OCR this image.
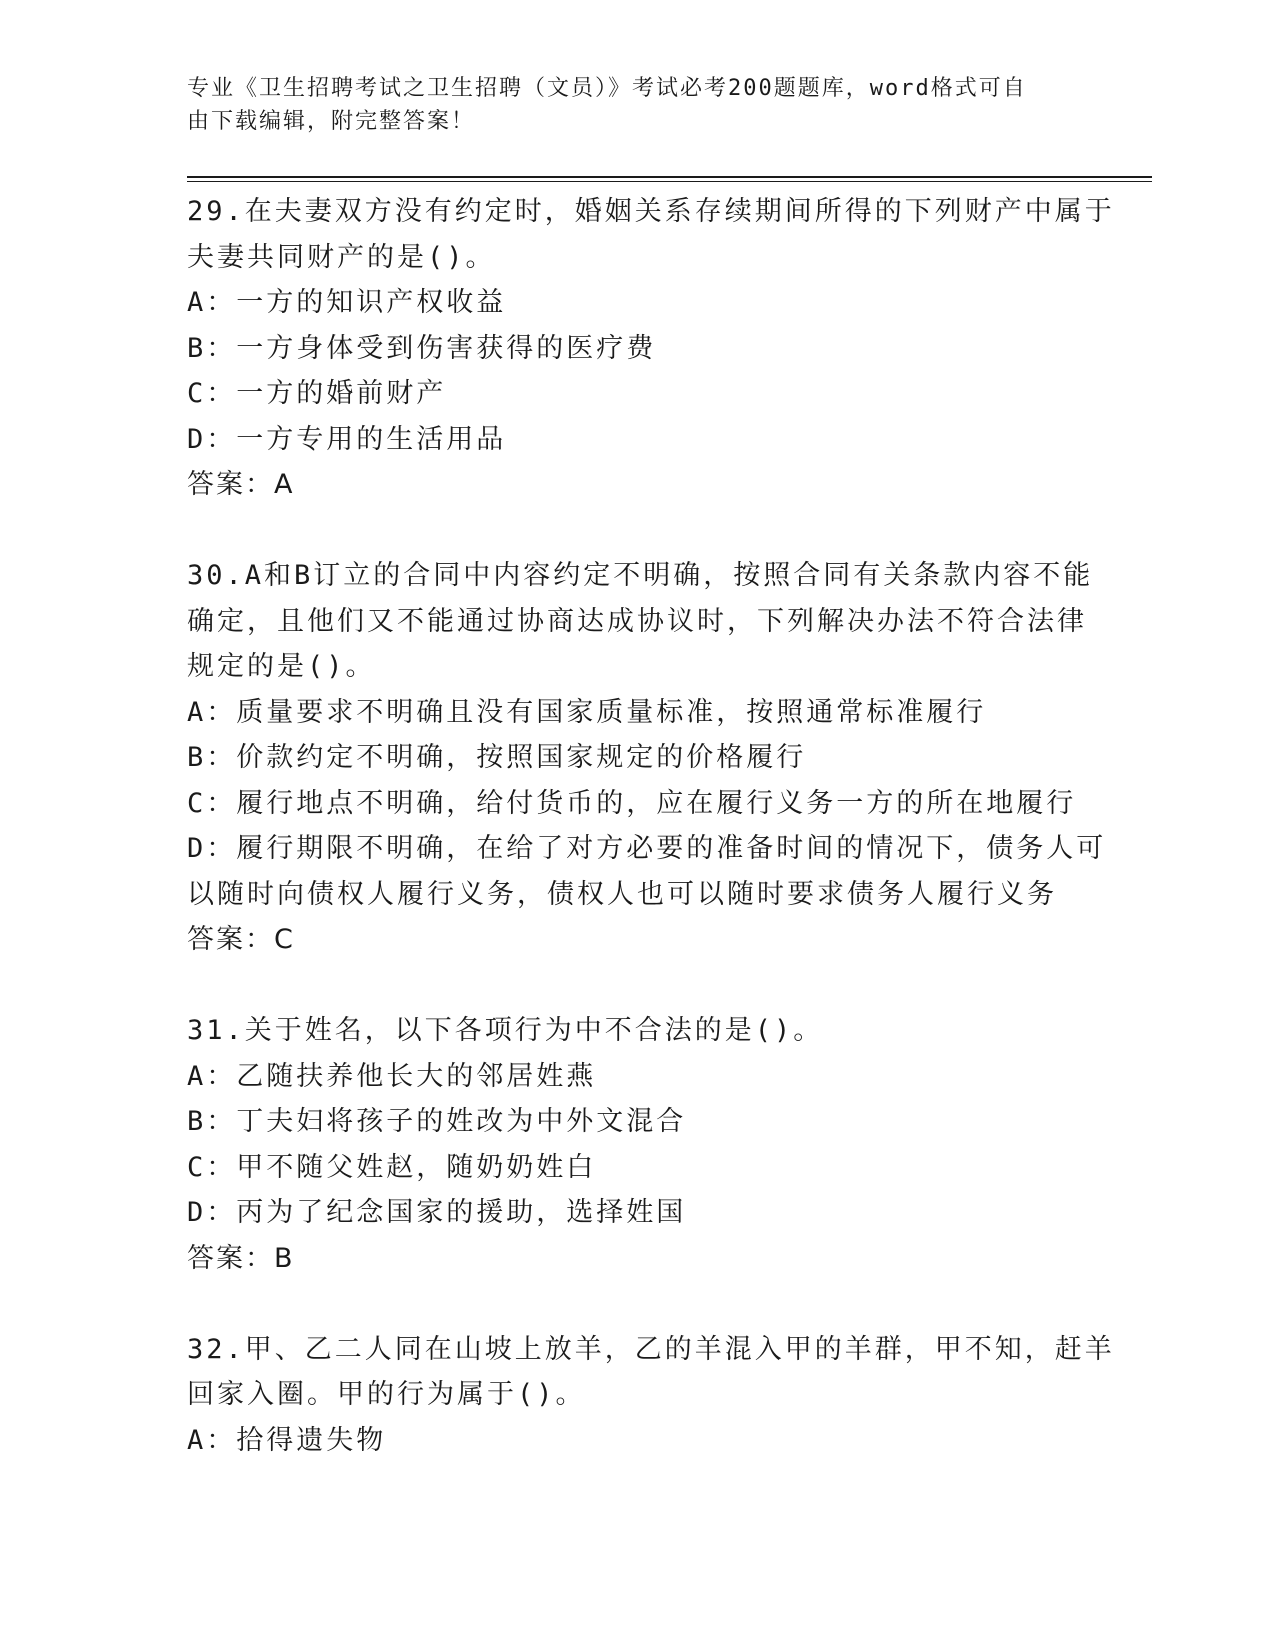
专业《卫生招聘考试之卫生招聘（文员）》考试必考200题题库，word格式可自
由下载编辑，附完整答案！
29.在夫妻双方没有约定时，婚姻关系存续期间所得的下列财产中属于
夫妻共同财产的是()。
A：一方的知识产权收益
B：一方身体受到伤害获得的医疗费
C：一方的婚前财产
D：一方专用的生活用品
答案：A
30.A和B订立的合同中内容约定不明确，按照合同有关条款内容不能
确定，且他们又不能通过协商达成协议时，下列解决办法不符合法律
规定的是()。
A：质量要求不明确且没有国家质量标准，按照通常标准履行
B：价款约定不明确，按照国家规定的价格履行
C：履行地点不明确，给付货币的，应在履行义务一方的所在地履行
D：履行期限不明确，在给了对方必要的准备时间的情况下，债务人可
以随时向债权人履行义务，债权人也可以随时要求债务人履行义务
答案：C
31.关于姓名，以下各项行为中不合法的是()。
A：乙随扶养他长大的邻居姓燕
B：丁夫妇将孩子的姓改为中外文混合
C：甲不随父姓赵，随奶奶姓白
D：丙为了纪念国家的援助，选择姓国
答案：B
32.甲、乙二人同在山坡上放羊，乙的羊混入甲的羊群，甲不知，赶羊
回家入圈。甲的行为属于()。
A：拾得遗失物
